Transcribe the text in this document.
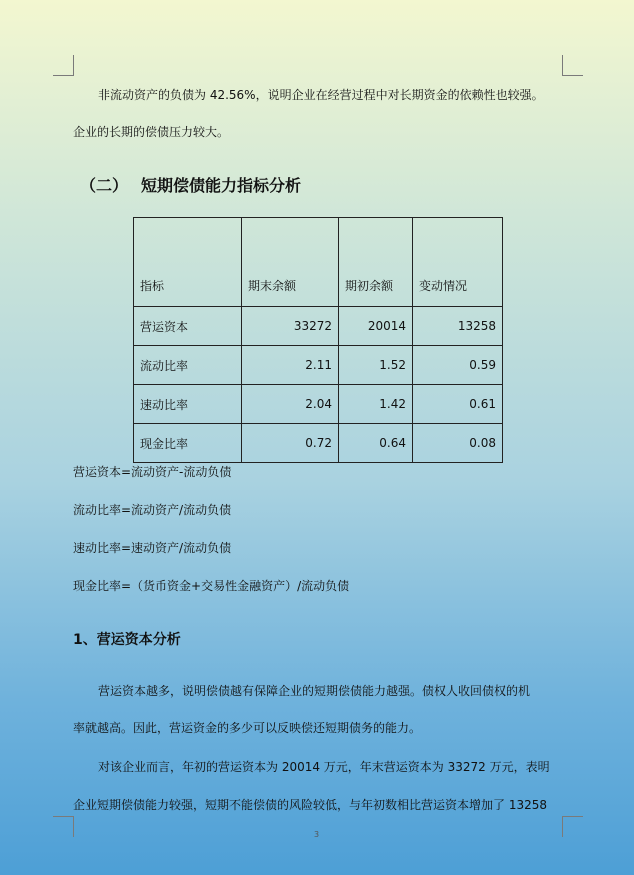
非流动资产的负债为 42.56%，说明企业在经营过程中对长期资金的依赖性也较强。
企业的长期的偿债压力较大。
（二） 短期偿债能力指标分析
指标	期末余额	期初余额	变动情况
营运资本	33272	20014	13258
流动比率	2.11	1.52	0.59
速动比率	2.04	1.42	0.61
现金比率	0.72	0.64	0.08
营运资本=流动资产-流动负债
流动比率=流动资产/流动负债
速动比率=速动资产/流动负债
现金比率=（货币资金+交易性金融资产）/流动负债
1、营运资本分析
营运资本越多，说明偿债越有保障企业的短期偿债能力越强。债权人收回债权的机
率就越高。因此，营运资金的多少可以反映偿还短期债务的能力。
对该企业而言，年初的营运资本为 20014 万元，年末营运资本为 33272 万元，表明
企业短期偿债能力较强，短期不能偿债的风险较低，与年初数相比营运资本增加了 13258
3
